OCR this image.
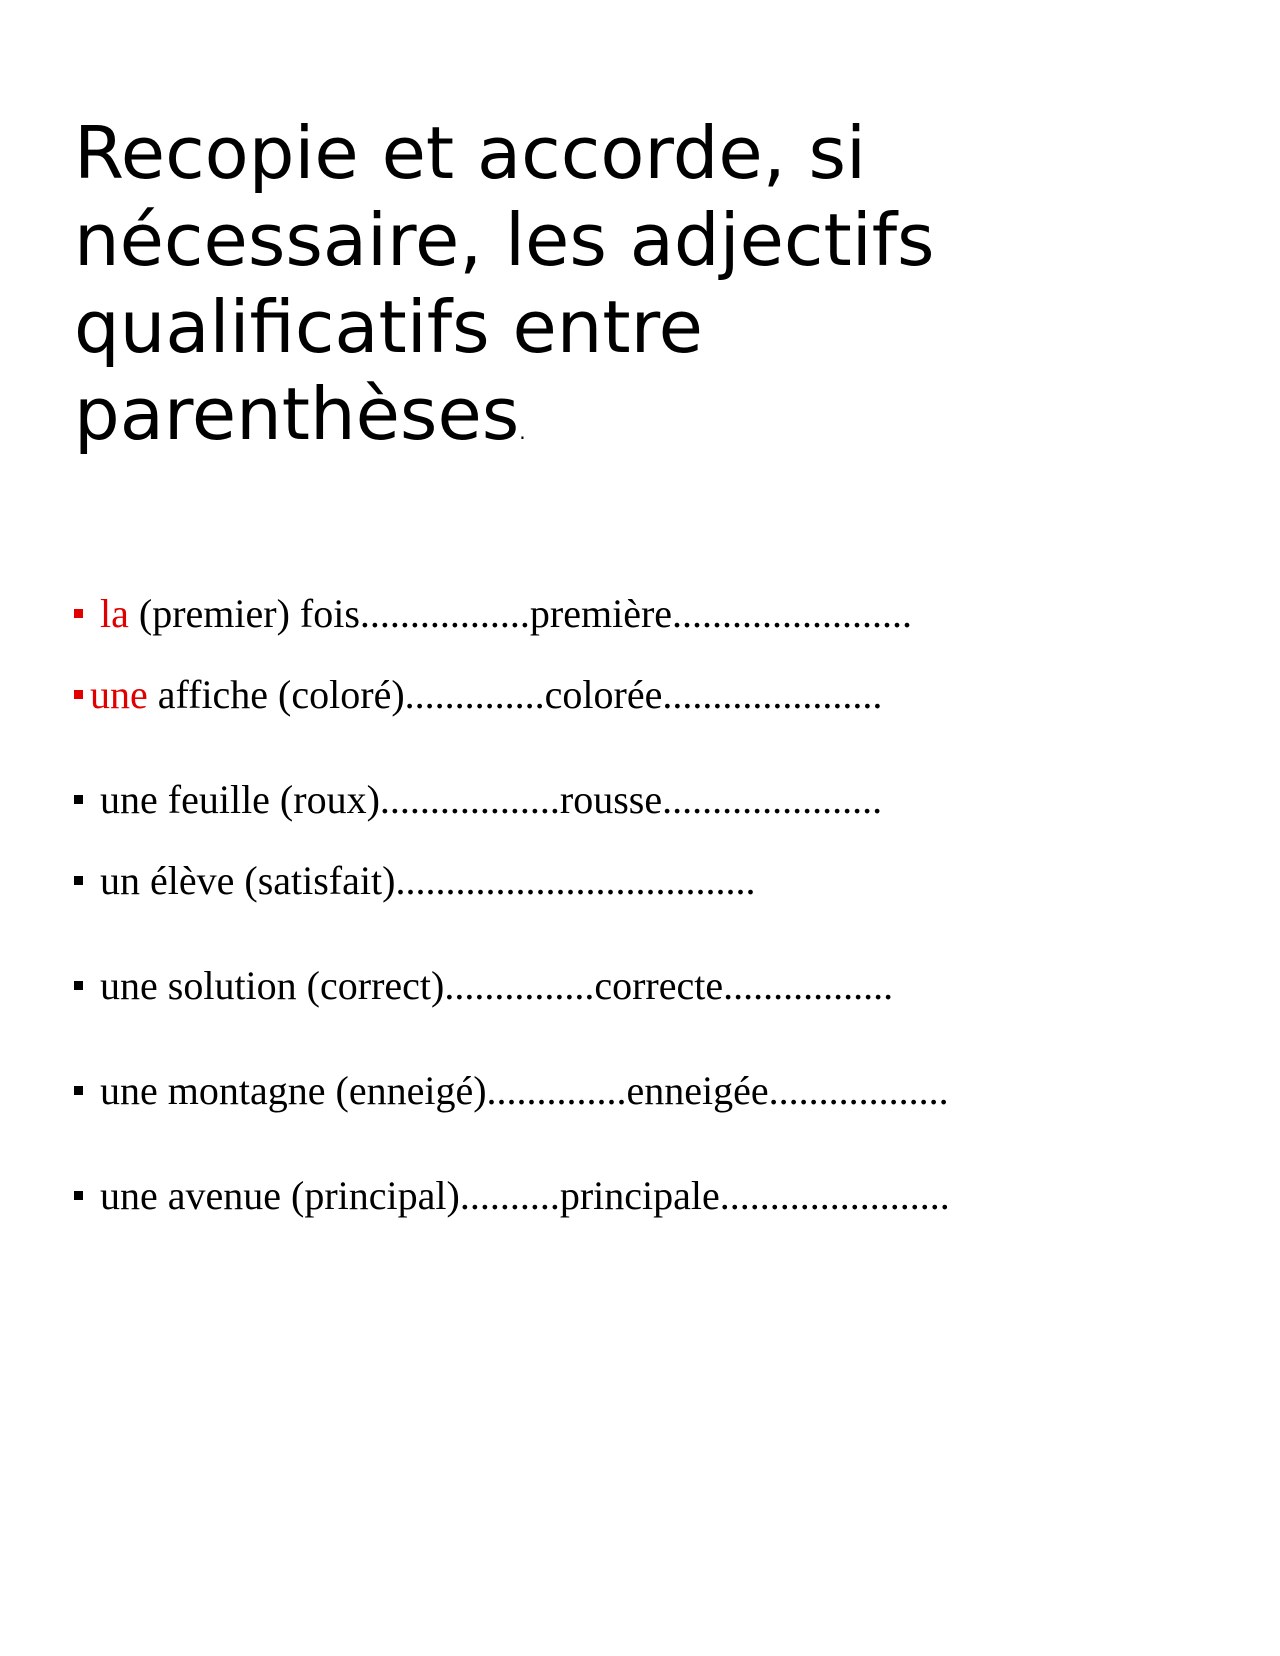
Recopie et accorde, si
nécessaire, les adjectifs
qualificatifs entre
parenthèses.
la (premier) fois.................première........................
une affiche (coloré)..............colorée......................
une feuille (roux)..................rousse......................
un élève (satisfait)....................................
une solution (correct)...............correcte.................
une montagne (enneigé)..............enneigée..................
une avenue (principal)..........principale.......................
